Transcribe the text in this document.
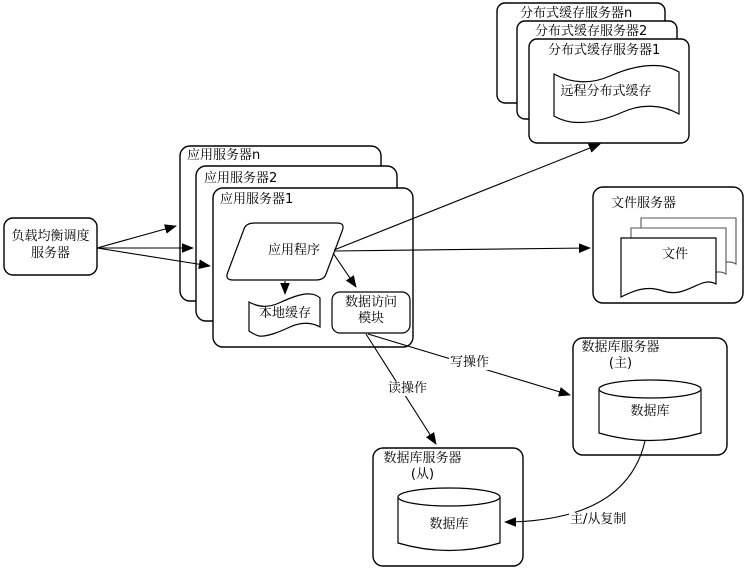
负载均衡调度
服务器
应用服务器n
应用服务器2
应用服务器1
应用程序
本地缓存
数据访问
模块
分布式缓存服务器n
分布式缓存服务器2
分布式缓存服务器1
远程分布式缓存
文件服务器
文件
数据库服务器
(主)
数据库
数据库服务器
(从)
数据库
写操作
读操作
主/从复制
